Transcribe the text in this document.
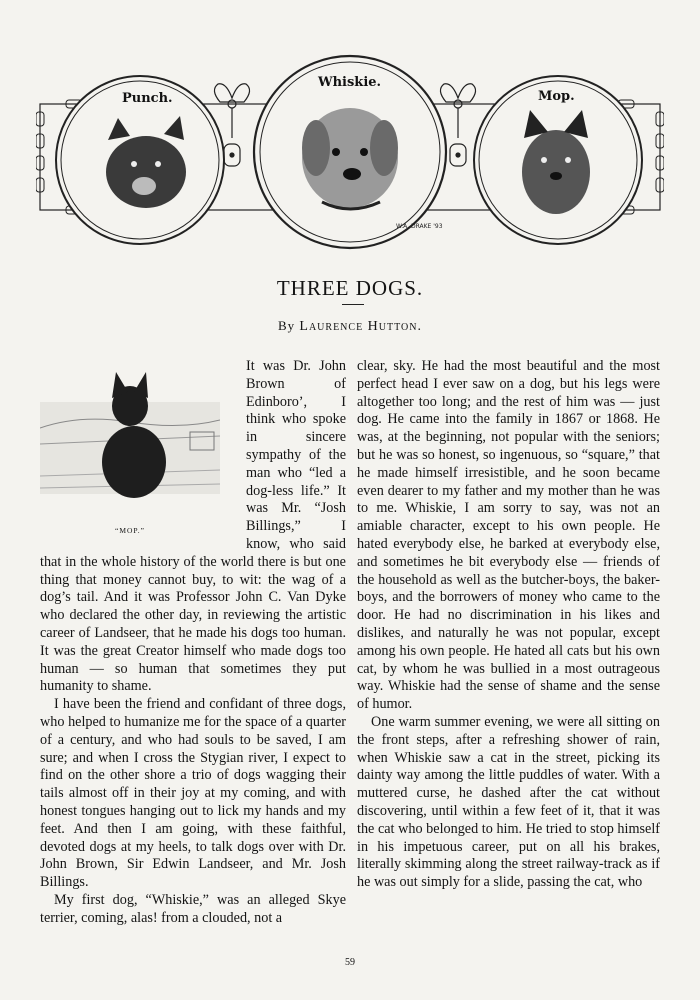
Punch.
Whiskie.
Mop.
W.A. DRAKE '93
THREE DOGS.
By Laurence Hutton.
“MOP.”

It was Dr. John Brown of Edinboro’, I think who spoke in sincere sympathy of the man who “led a dog-less life.” It was Mr. “Josh Billings,” I know, who said that in the whole history of the world there is but one thing that money cannot buy, to wit: the wag of a dog’s tail. And it was Professor John C. Van Dyke who declared the other day, in reviewing the artistic career of Landseer, that he made his dogs too human. It was the great Creator himself who made dogs too human — so human that sometimes they put humanity to shame.

I have been the friend and confidant of three dogs, who helped to humanize me for the space of a quarter of a century, and who had souls to be saved, I am sure; and when I cross the Stygian river, I expect to find on the other shore a trio of dogs wagging their tails almost off in their joy at my coming, and with honest tongues hanging out to lick my hands and my feet. And then I am going, with these faithful, devoted dogs at my heels, to talk dogs over with Dr. John Brown, Sir Edwin Landseer, and Mr. Josh Billings.

My first dog, “Whiskie,” was an alleged Skye terrier, coming, alas! from a clouded, not a

clear, sky. He had the most beautiful and the most perfect head I ever saw on a dog, but his legs were altogether too long; and the rest of him was — just dog. He came into the family in 1867 or 1868. He was, at the beginning, not popular with the seniors; but he was so honest, so ingenuous, so “square,” that he made himself irresistible, and he soon became even dearer to my father and my mother than he was to me. Whiskie, I am sorry to say, was not an amiable character, except to his own people. He hated everybody else, he barked at everybody else, and sometimes he bit everybody else — friends of the household as well as the butcher-boys, the baker-boys, and the borrowers of money who came to the door. He had no discrimination in his likes and dislikes, and naturally he was not popular, except among his own people. He hated all cats but his own cat, by whom he was bullied in a most outrageous way. Whiskie had the sense of shame and the sense of humor.

One warm summer evening, we were all sitting on the front steps, after a refreshing shower of rain, when Whiskie saw a cat in the street, picking its dainty way among the little puddles of water. With a muttered curse, he dashed after the cat without discovering, until within a few feet of it, that it was the cat who belonged to him. He tried to stop himself in his impetuous career, put on all his brakes, literally skimming along the street railway-track as if he was out simply for a slide, passing the cat, who

59
